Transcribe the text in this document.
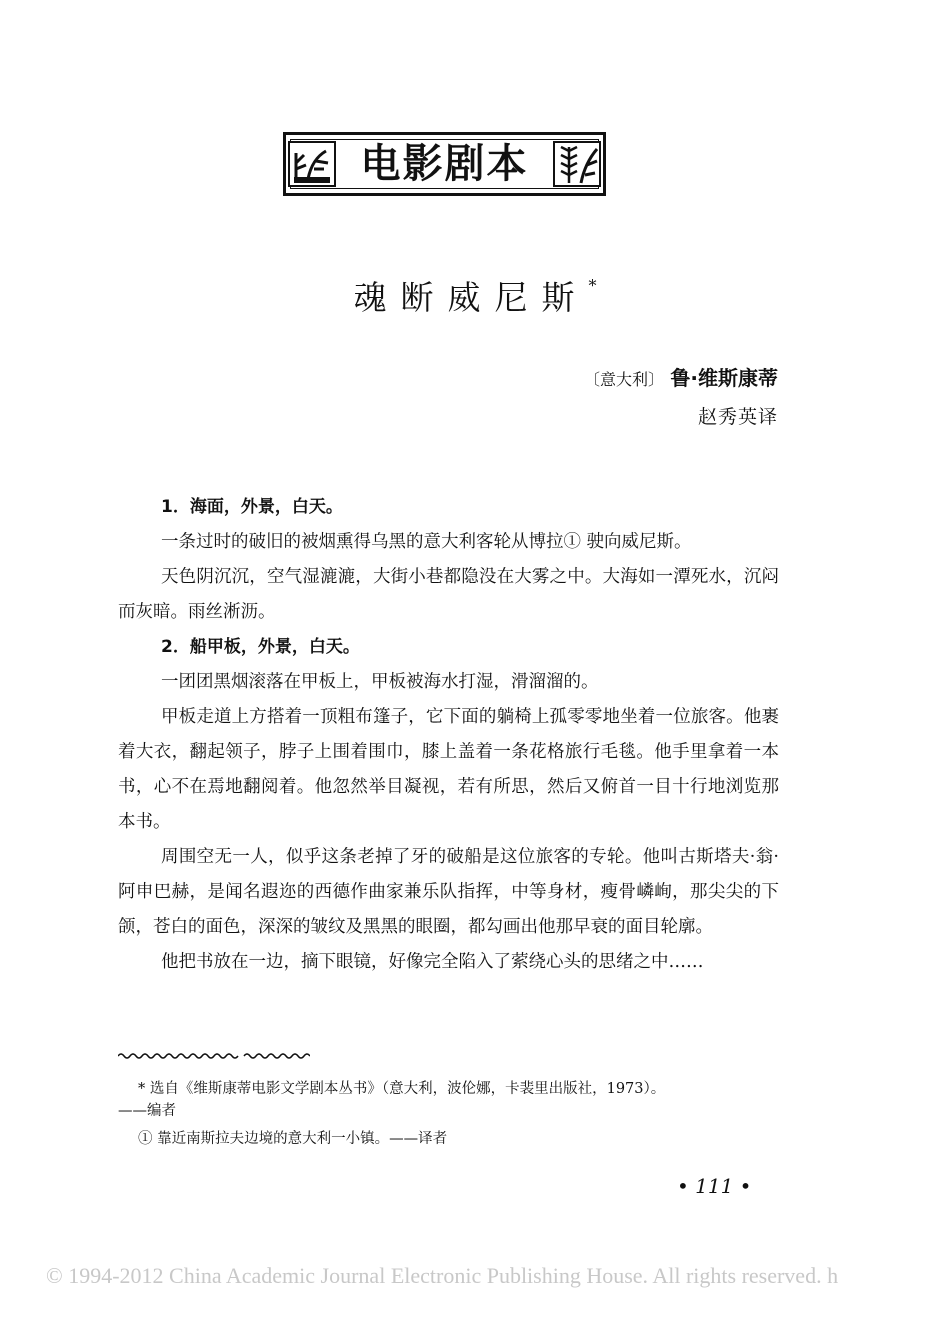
电影剧本
魂断威尼斯*
〔意大利〕 鲁·维斯康蒂
赵秀英译

1．海面，外景，白天。

一条过时的破旧的被烟熏得乌黑的意大利客轮从博拉① 驶向威尼斯。

天色阴沉沉，空气湿漉漉，大街小巷都隐没在大雾之中。大海如一潭死水，沉闷而灰暗。雨丝淅沥。

2．船甲板，外景，白天。

一团团黑烟滚落在甲板上，甲板被海水打湿，滑溜溜的。

甲板走道上方搭着一顶粗布篷子，它下面的躺椅上孤零零地坐着一位旅客。他裹着大衣，翻起领子，脖子上围着围巾，膝上盖着一条花格旅行毛毯。他手里拿着一本书，心不在焉地翻阅着。他忽然举目凝视，若有所思，然后又俯首一目十行地浏览那本书。

周围空无一人，似乎这条老掉了牙的破船是这位旅客的专轮。他叫古斯塔夫·翁·阿申巴赫，是闻名遐迩的西德作曲家兼乐队指挥，中等身材，瘦骨嶙峋，那尖尖的下颌，苍白的面色，深深的皱纹及黑黑的眼圈，都勾画出他那早衰的面目轮廓。

他把书放在一边，摘下眼镜，好像完全陷入了萦绕心头的思绪之中……

* 选自《维斯康蒂电影文学剧本丛书》（意大利，波伦娜，卡裴里出版社，1973）。

——编者

① 靠近南斯拉夫边境的意大利一小镇。——译者

• 111 •
© 1994-2012 China Academic Journal Electronic Publishing House. All rights reserved. h
